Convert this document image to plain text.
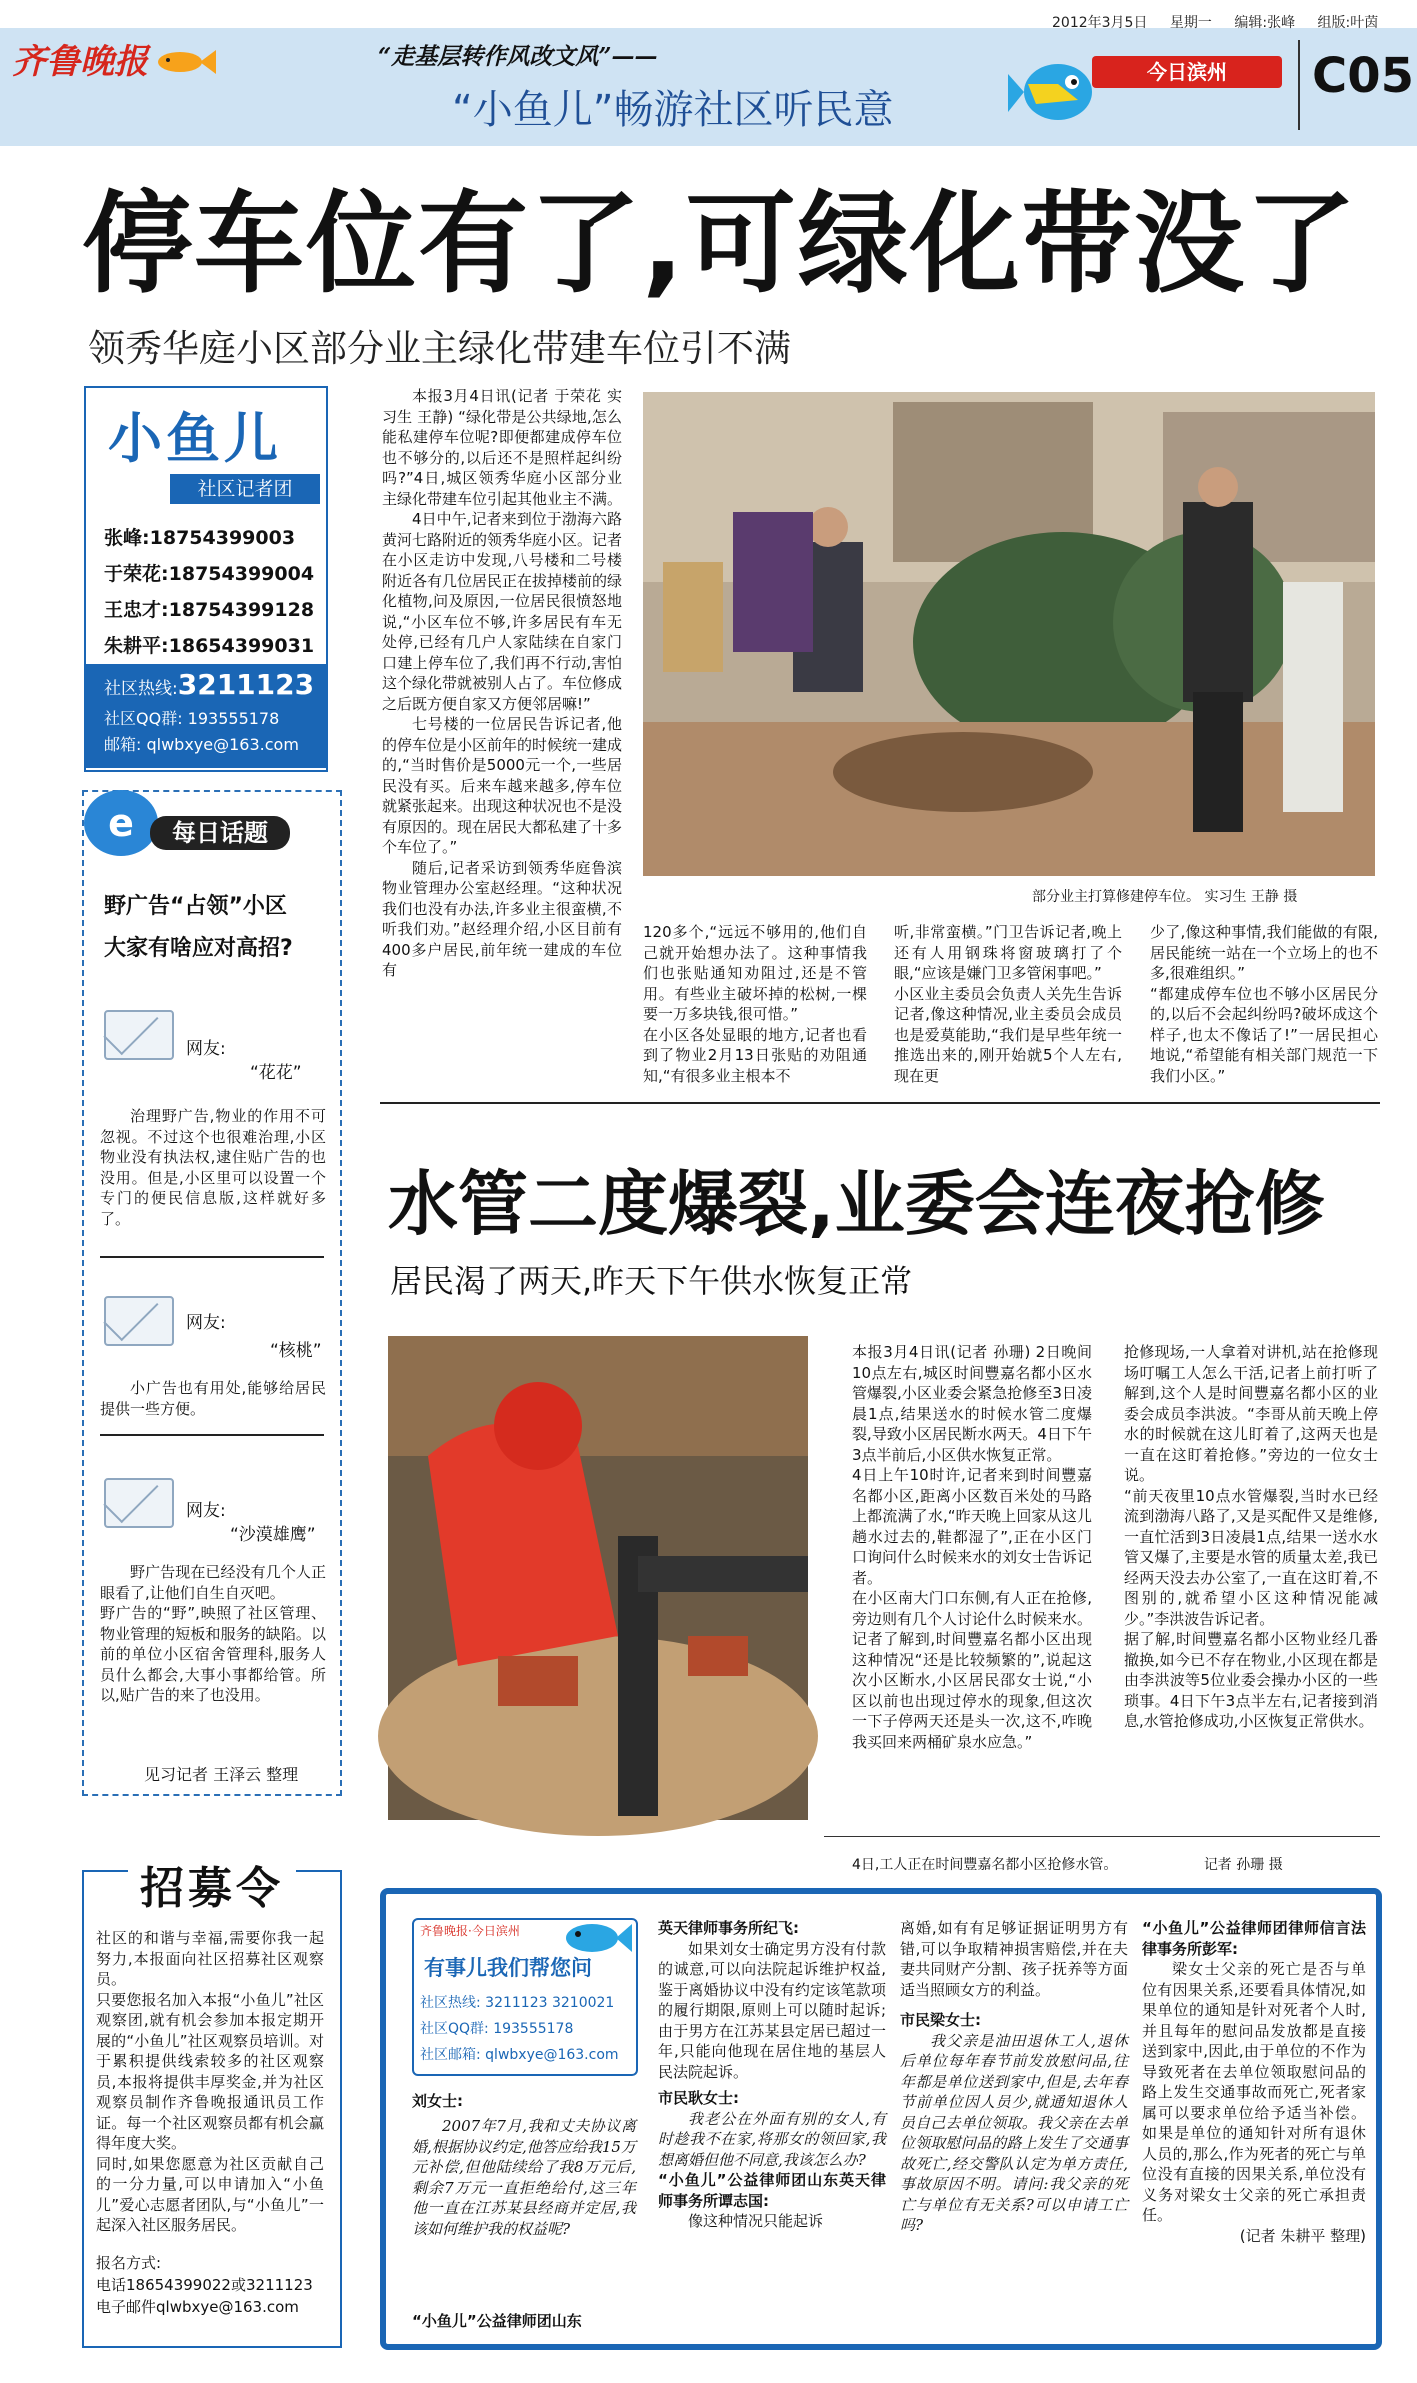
齐鲁晚报	“走基层转作风改文风”——
“小鱼儿”畅游社区听民意
2012年3月5日 星期一 编辑:张峰 组版:叶茵
今日滨州	C05
停车位有了,可绿化带没了
领秀华庭小区部分业主绿化带建车位引不满
小鱼儿
社区记者团
张峰:18754399003
于荣花:18754399004
王忠才:18754399128
朱耕平:18654399031
社区热线:3211123
社区QQ群: 193555178
邮箱: qlwbxye@163.com
部分业主打算修建停车位。 实习生 王静 摄

本报3月4日讯(记者 于荣花 实习生 王静) “绿化带是公共绿地,怎么能私建停车位呢?即便都建成停车位也不够分的,以后还不是照样起纠纷吗?”4日,城区领秀华庭小区部分业主绿化带建车位引起其他业主不满。

4日中午,记者来到位于渤海六路黄河七路附近的领秀华庭小区。记者在小区走访中发现,八号楼和二号楼附近各有几位居民正在拔掉楼前的绿化植物,问及原因,一位居民很愤怒地说,“小区车位不够,许多居民有车无处停,已经有几户人家陆续在自家门口建上停车位了,我们再不行动,害怕这个绿化带就被别人占了。车位修成之后既方便自家又方便邻居嘛!”

七号楼的一位居民告诉记者,他的停车位是小区前年的时候统一建成的,“当时售价是5000元一个,一些居民没有买。后来车越来越多,停车位就紧张起来。出现这种状况也不是没有原因的。现在居民大都私建了十多个车位了。”

随后,记者采访到领秀华庭鲁滨物业管理办公室赵经理。“这种状况我们也没有办法,许多业主很蛮横,不听我们劝。”赵经理介绍,小区目前有400多户居民,前年统一建成的车位有

120多个,“远远不够用的,他们自己就开始想办法了。这种事情我们也张贴通知劝阻过,还是不管用。有些业主破坏掉的松树,一棵要一万多块钱,很可惜。”
在小区各处显眼的地方,记者也看到了物业2月13日张贴的劝阻通知,“有很多业主根本不
听,非常蛮横。”门卫告诉记者,晚上还有人用钢珠将窗玻璃打了个眼,“应该是嫌门卫多管闲事吧。”
小区业主委员会负责人关先生告诉记者,像这种情况,业主委员会成员也是爱莫能助,“我们是早些年统一推选出来的,刚开始就5个人左右,现在更
少了,像这种事情,我们能做的有限,居民能统一站在一个立场上的也不多,很难组织。”
“都建成停车位也不够小区居民分的,以后不会起纠纷吗?破坏成这个样子,也太不像话了!”一居民担心地说,“希望能有相关部门规范一下我们小区。”
水管二度爆裂,业委会连夜抢修
居民渴了两天,昨天下午供水恢复正常
4日,工人正在时间豐嘉名都小区抢修水管。	记者 孙珊 摄
本报3月4日讯(记者 孙珊) 2日晚间10点左右,城区时间豐嘉名都小区水管爆裂,小区业委会紧急抢修至3日凌晨1点,结果送水的时候水管二度爆裂,导致小区居民断水两天。4日下午3点半前后,小区供水恢复正常。
4日上午10时许,记者来到时间豐嘉名都小区,距离小区数百米处的马路上都流满了水,“昨天晚上回家从这儿趟水过去的,鞋都湿了”,正在小区门口询问什么时候来水的刘女士告诉记者。
在小区南大门口东侧,有人正在抢修,旁边则有几个人讨论什么时候来水。
记者了解到,时间豐嘉名都小区出现这种情况“还是比较频繁的”,说起这次小区断水,小区居民邵女士说,“小区以前也出现过停水的现象,但这次一下子停两天还是头一次,这不,咋晚我买回来两桶矿泉水应急。”
抢修现场,一人拿着对讲机,站在抢修现场叮嘱工人怎么干活,记者上前打听了解到,这个人是时间豐嘉名都小区的业委会成员李洪波。“李哥从前天晚上停水的时候就在这儿盯着了,这两天也是一直在这盯着抢修。”旁边的一位女士说。
“前天夜里10点水管爆裂,当时水已经流到渤海八路了,又是买配件又是维修,一直忙活到3日凌晨1点,结果一送水水管又爆了,主要是水管的质量太差,我已经两天没去办公室了,一直在这盯着,不图别的,就希望小区这种情况能减少。”李洪波告诉记者。
据了解,时间豐嘉名都小区物业经几番撤换,如今已不存在物业,小区现在都是由李洪波等5位业委会操办小区的一些琐事。4日下午3点半左右,记者接到消息,水管抢修成功,小区恢复正常供水。
e	每日话题
野广告“占领”小区
大家有啥应对高招?
网友:
“花花”
治理野广告,物业的作用不可忽视。不过这个也很难治理,小区物业没有执法权,逮住贴广告的也没用。但是,小区里可以设置一个专门的便民信息版,这样就好多了。
网友:
“核桃”
小广告也有用处,能够给居民提供一些方便。
网友:
“沙漠雄鹰”
野广告现在已经没有几个人正眼看了,让他们自生自灭吧。
野广告的“野”,映照了社区管理、物业管理的短板和服务的缺陷。以前的单位小区宿舍管理科,服务人员什么都会,大事小事都给管。所以,贴广告的来了也没用。
见习记者 王泽云 整理
招募令
社区的和谐与幸福,需要你我一起努力,本报面向社区招募社区观察员。
只要您报名加入本报“小鱼儿”社区观察团,就有机会参加本报定期开展的“小鱼儿”社区观察员培训。对于累积提供线索较多的社区观察员,本报将提供丰厚奖金,并为社区观察员制作齐鲁晚报通讯员工作证。每一个社区观察员都有机会赢得年度大奖。
同时,如果您愿意为社区贡献自己的一分力量,可以申请加入“小鱼儿”爱心志愿者团队,与“小鱼儿”一起深入社区服务居民。
报名方式:
电话18654399022或3211123
电子邮件qlwbxye@163.com
齐鲁晚报·今日滨州
有事儿我们帮您问
社区热线: 3211123 3210021
社区QQ群: 193555178
社区邮箱: qlwbxye@163.com
刘女士:
2007年7月,我和丈夫协议离婚,根据协议约定,他答应给我15万元补偿,但他陆续给了我8万元后,剩余7万元一直拒绝给付,这三年他一直在江苏某县经商并定居,我该如何维护我的权益呢?
“小鱼儿”公益律师团山东
英天律师事务所纪飞:

如果刘女士确定男方没有付款的诚意,可以向法院起诉维护权益,鉴于离婚协议中没有约定该笔款项的履行期限,原则上可以随时起诉;由于男方在江苏某县定居已超过一年,只能向他现在居住地的基层人民法院起诉。

市民耿女士:

我老公在外面有别的女人,有时趁我不在家,将那女的领回家,我想离婚但他不同意,我该怎么办?

“小鱼儿”公益律师团山东英天律师事务所谭志国:

像这种情况只能起诉

离婚,如有有足够证据证明男方有错,可以争取精神损害赔偿,并在夫妻共同财产分割、孩子抚养等方面适当照顾女方的利益。
市民梁女士:

我父亲是油田退休工人,退休后单位每年春节前发放慰问品,往年都是单位送到家中,但是,去年春节前单位因人员少,就通知退休人员自己去单位领取。我父亲在去单位领取慰问品的路上发生了交通事故死亡,经交警队认定为单方责任,事故原因不明。请问:我父亲的死亡与单位有无关系?可以申请工亡吗?

“小鱼儿”公益律师团律师信言法律事务所彭军:

梁女士父亲的死亡是否与单位有因果关系,还要看具体情况,如果单位的通知是针对死者个人时,并且每年的慰问品发放都是直接送到家中,因此,由于单位的不作为导致死者在去单位领取慰问品的路上发生交通事故而死亡,死者家属可以要求单位给予适当补偿。如果是单位的通知针对所有退休人员的,那么,作为死者的死亡与单位没有直接的因果关系,单位没有义务对梁女士父亲的死亡承担责任。

(记者 朱耕平 整理)
